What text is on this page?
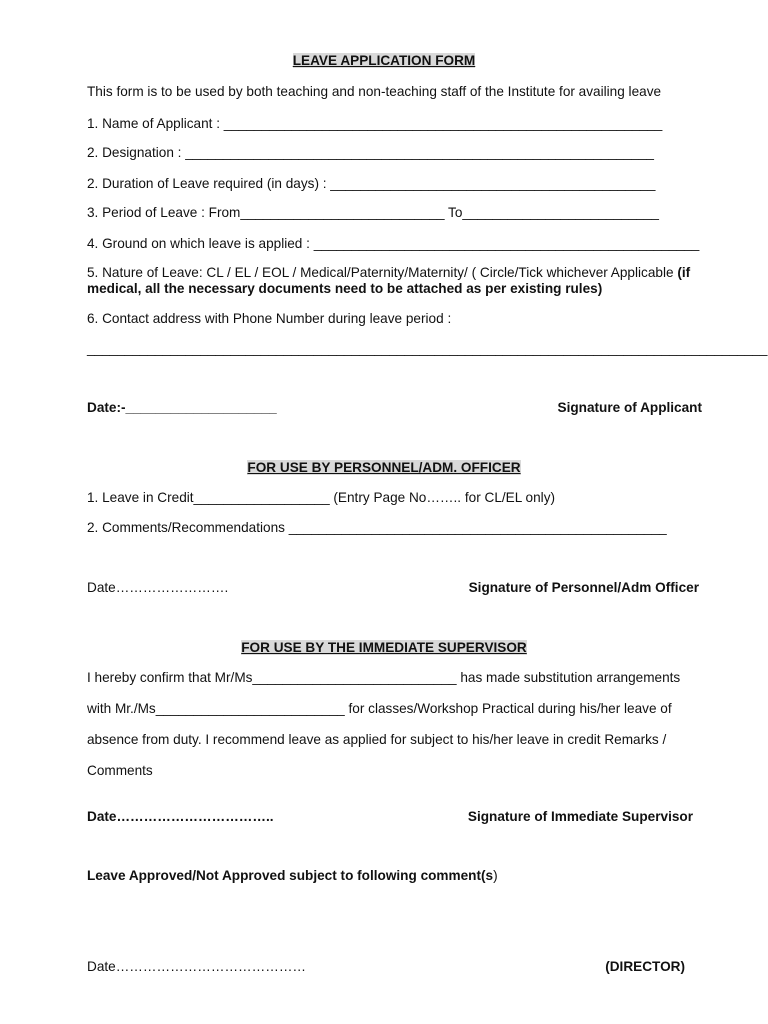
LEAVE APPLICATION FORM
This form is to be used by both teaching and non-teaching staff of the Institute for availing leave
1. Name of Applicant : __________________________________________________________
2. Designation : ______________________________________________________________
2. Duration of Leave required (in days) : ___________________________________________
3. Period of Leave : From___________________________ To__________________________
4. Ground on which leave is applied : ___________________________________________________
5. Nature of Leave: CL / EL / EOL / Medical/Paternity/Maternity/ ( Circle/Tick whichever Applicable (if
medical, all the necessary documents need to be attached as per existing rules)
6. Contact address with Phone Number during leave period :
__________________________________________________________________________________________
Date:-____________________	Signature of Applicant
FOR USE BY PERSONNEL/ADM. OFFICER
1. Leave in Credit__________________ (Entry Page No…….. for CL/EL only)
2. Comments/Recommendations __________________________________________________
Date…………………….	Signature of Personnel/Adm Officer
FOR USE BY THE IMMEDIATE SUPERVISOR
I hereby confirm that Mr/Ms___________________________ has made substitution arrangements
with Mr./Ms_________________________ for classes/Workshop Practical during his/her leave of
absence from duty. I recommend leave as applied for subject to his/her leave in credit Remarks /
Comments
Date……………………………..	Signature of Immediate Supervisor
Leave Approved/Not Approved subject to following comment(s)
Date……………………………………	(DIRECTOR)
